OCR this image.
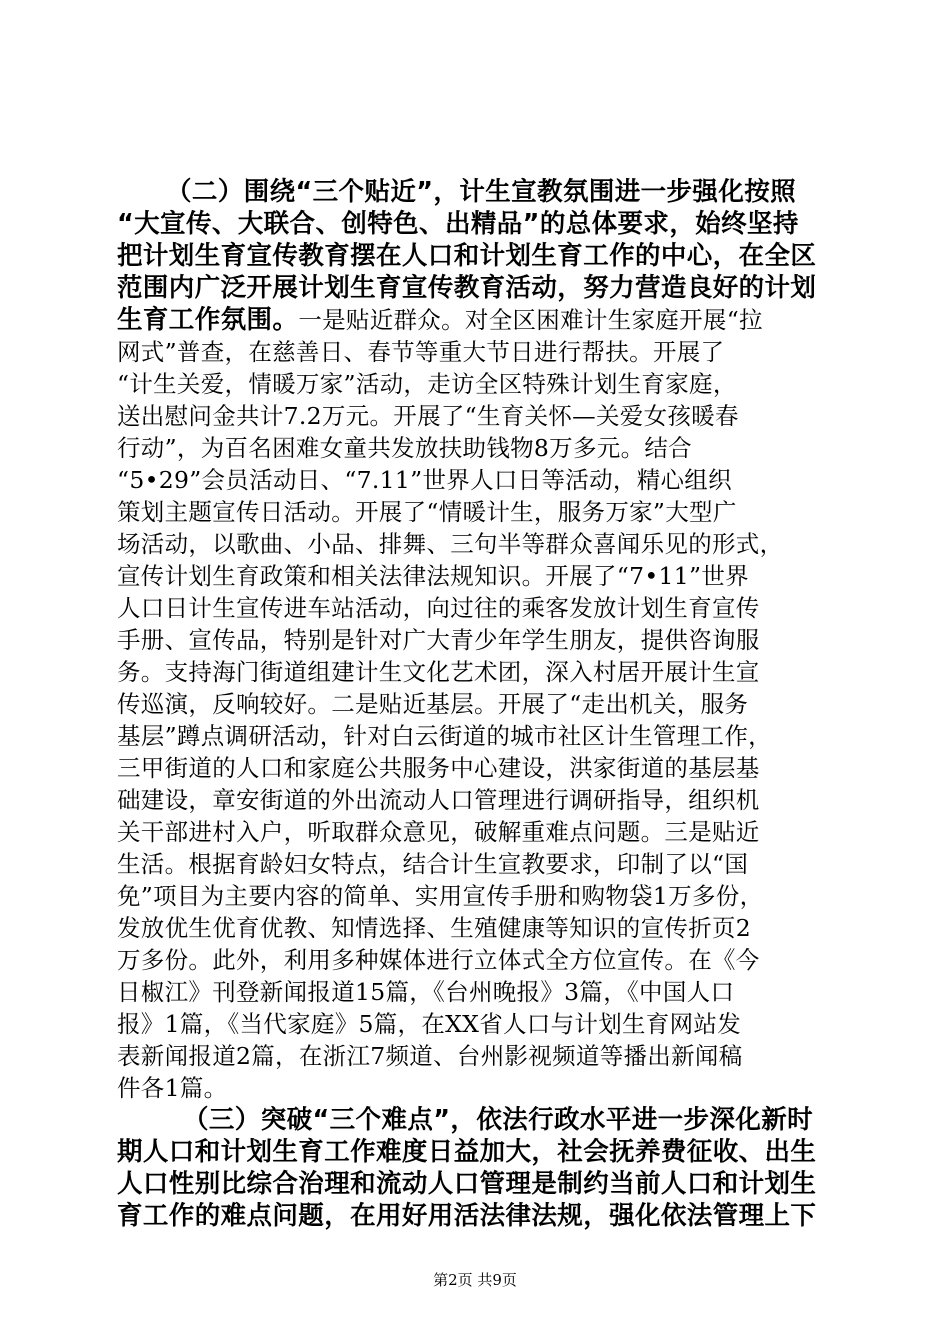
（二）围绕“三个贴近”，计生宣教氛围进一步强化按照
“大宣传、大联合、创特色、出精品”的总体要求，始终坚持
把计划生育宣传教育摆在人口和计划生育工作的中心，在全区
范围内广泛开展计划生育宣传教育活动，努力营造良好的计划
生育工作氛围。一是贴近群众。对全区困难计生家庭开展“拉
网式”普查，在慈善日、春节等重大节日进行帮扶。开展了
“计生关爱，情暖万家”活动，走访全区特殊计划生育家庭，
送出慰问金共计7.2万元。开展了“生育关怀—关爱女孩暖春
行动”，为百名困难女童共发放扶助钱物8万多元。结合
“5•29”会员活动日、“7.11”世界人口日等活动，精心组织
策划主题宣传日活动。开展了“情暖计生，服务万家”大型广
场活动，以歌曲、小品、排舞、三句半等群众喜闻乐见的形式，
宣传计划生育政策和相关法律法规知识。开展了“7•11”世界
人口日计生宣传进车站活动，向过往的乘客发放计划生育宣传
手册、宣传品，特别是针对广大青少年学生朋友，提供咨询服
务。支持海门街道组建计生文化艺术团，深入村居开展计生宣
传巡演，反响较好。二是贴近基层。开展了“走出机关，服务
基层”蹲点调研活动，针对白云街道的城市社区计生管理工作，
三甲街道的人口和家庭公共服务中心建设，洪家街道的基层基
础建设，章安街道的外出流动人口管理进行调研指导，组织机
关干部进村入户，听取群众意见，破解重难点问题。三是贴近
生活。根据育龄妇女特点，结合计生宣教要求，印制了以“国
免”项目为主要内容的简单、实用宣传手册和购物袋1万多份，
发放优生优育优教、知情选择、生殖健康等知识的宣传折页2
万多份。此外，利用多种媒体进行立体式全方位宣传。在《今
日椒江》刊登新闻报道15篇，《台州晚报》3篇，《中国人口
报》1篇，《当代家庭》5篇，在XX省人口与计划生育网站发
表新闻报道2篇，在浙江7频道、台州影视频道等播出新闻稿
件各1篇。
（三）突破“三个难点”，依法行政水平进一步深化新时
期人口和计划生育工作难度日益加大，社会抚养费征收、出生
人口性别比综合治理和流动人口管理是制约当前人口和计划生
育工作的难点问题，在用好用活法律法规，强化依法管理上下
第2页 共9页
